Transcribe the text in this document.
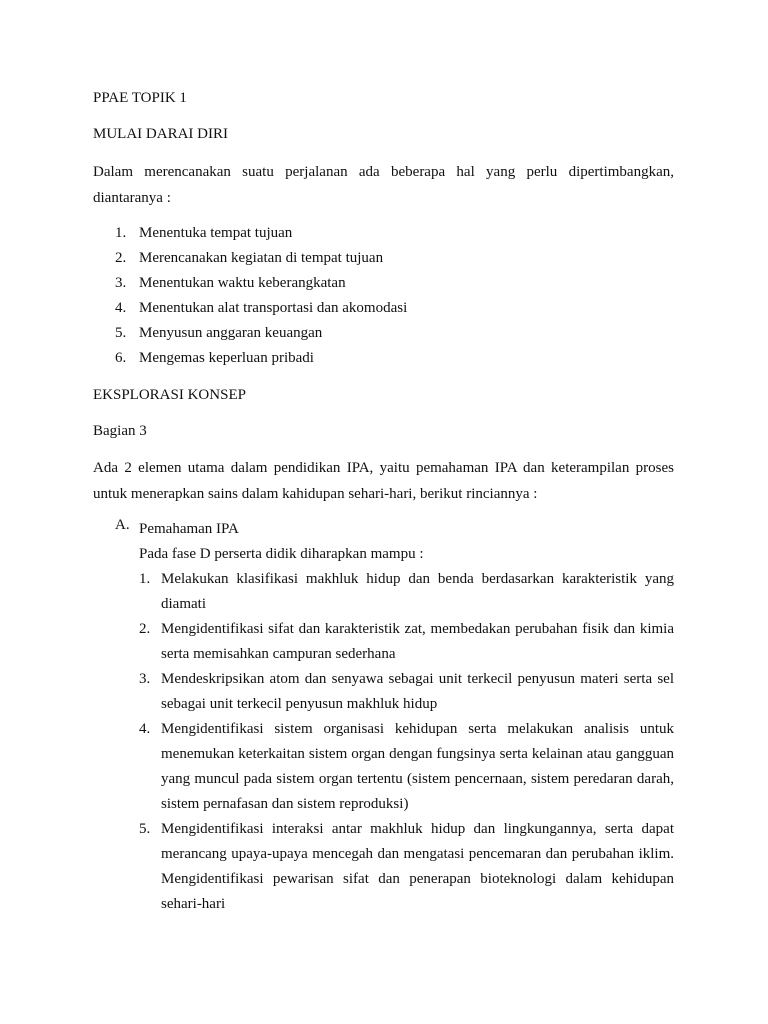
PPAE TOPIK 1

MULAI DARAI DIRI

Dalam merencanakan suatu perjalanan ada beberapa hal yang perlu dipertimbangkan, diantaranya :

1. Menentuka tempat tujuan
2. Merencanakan kegiatan di tempat tujuan
3. Menentukan waktu keberangkatan
4. Menentukan alat transportasi dan akomodasi
5. Menyusun anggaran keuangan
6. Mengemas keperluan pribadi

EKSPLORASI KONSEP

Bagian 3

Ada 2 elemen utama dalam pendidikan IPA, yaitu pemahaman IPA dan keterampilan proses untuk menerapkan sains dalam kahidupan sehari-hari, berikut rinciannya :

A. Pemahaman IPA
Pada fase D perserta didik diharapkan mampu :
1. Melakukan klasifikasi makhluk hidup dan benda berdasarkan karakteristik yang diamati
2. Mengidentifikasi sifat dan karakteristik zat, membedakan perubahan fisik dan kimia serta memisahkan campuran sederhana
3. Mendeskripsikan atom dan senyawa sebagai unit terkecil penyusun materi serta sel sebagai unit terkecil penyusun makhluk hidup
4. Mengidentifikasi sistem organisasi kehidupan serta melakukan analisis untuk menemukan keterkaitan sistem organ dengan fungsinya serta kelainan atau gangguan yang muncul pada sistem organ tertentu (sistem pencernaan, sistem peredaran darah, sistem pernafasan dan sistem reproduksi)
5. Mengidentifikasi interaksi antar makhluk hidup dan lingkungannya, serta dapat merancang upaya-upaya mencegah dan mengatasi pencemaran dan perubahan iklim. Mengidentifikasi pewarisan sifat dan penerapan bioteknologi dalam kehidupan sehari-hari
